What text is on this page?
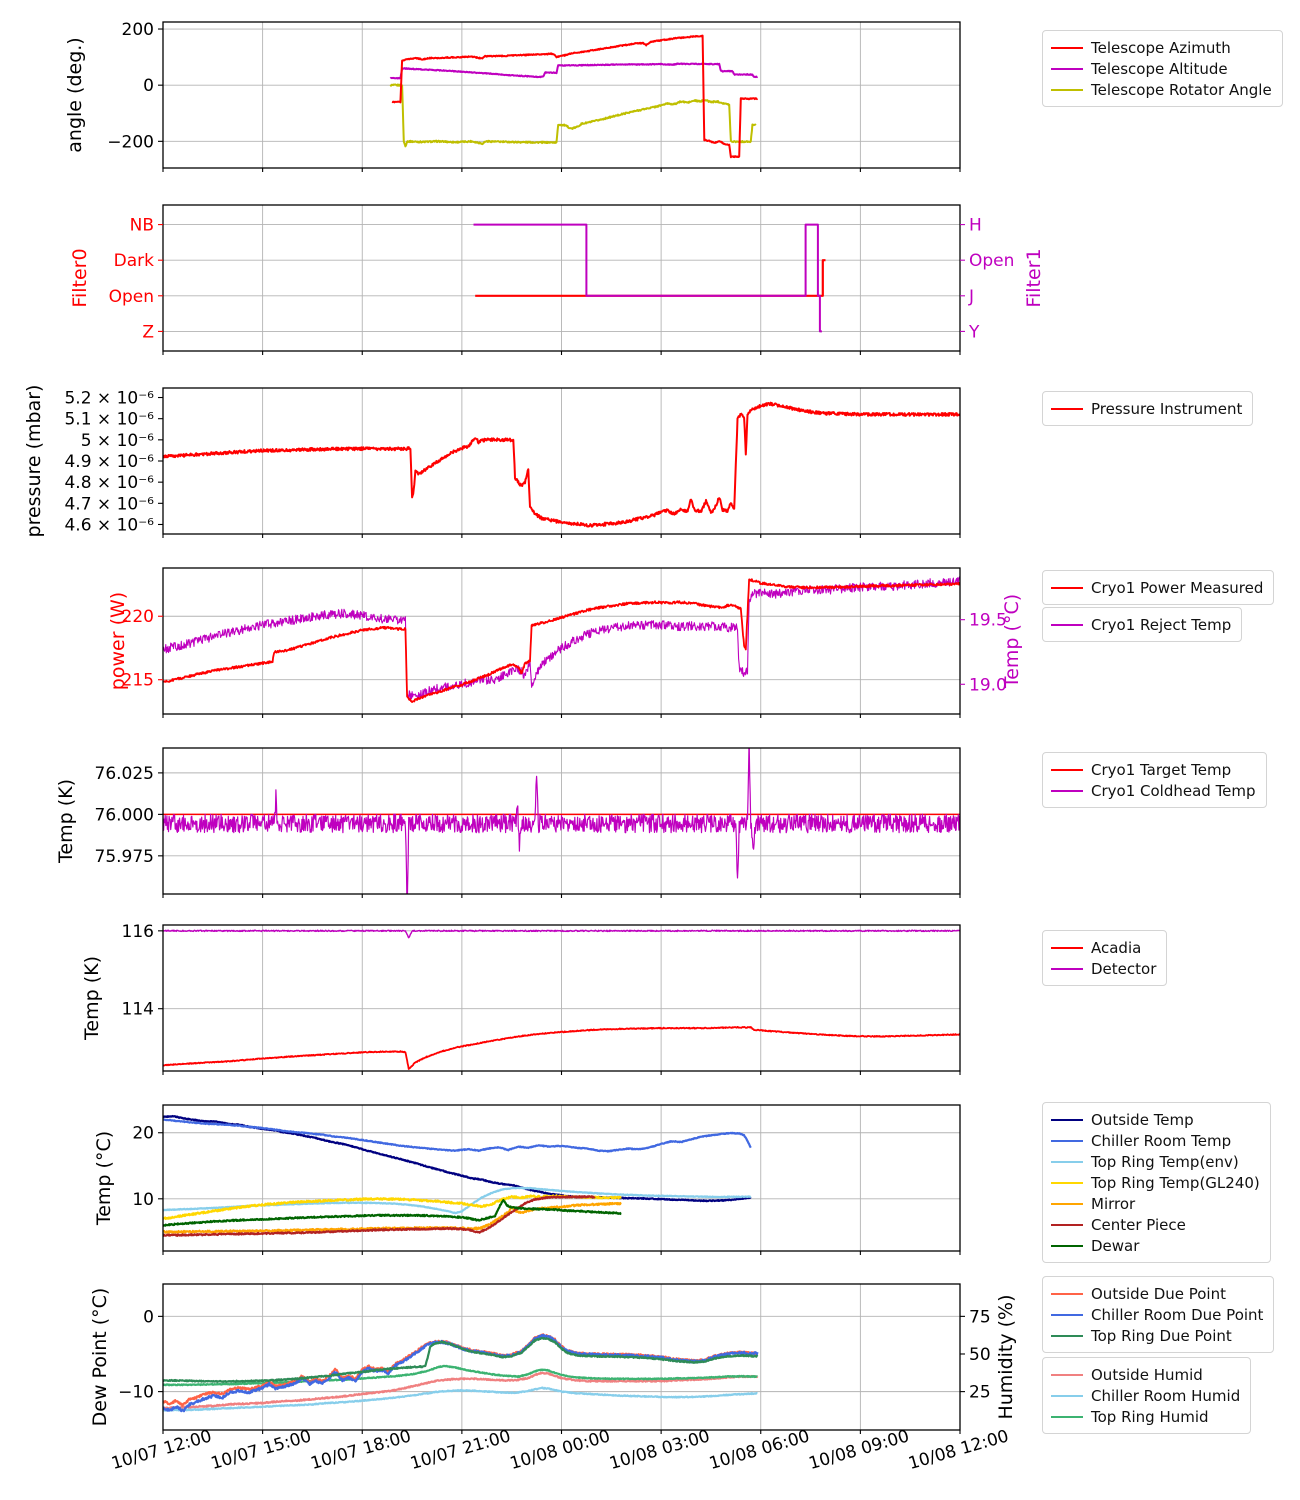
200
0
−200
NB
Dark
Open
Z
H
Open
J
Y
5.2 × 10⁻⁶
5.1 × 10⁻⁶
5 × 10⁻⁶
4.9 × 10⁻⁶
4.8 × 10⁻⁶
4.7 × 10⁻⁶
4.6 × 10⁻⁶
220
215
19.5
19.0
76.025
76.000
75.975
116
114
20
10
0
−10
75
50
25
10/07 12:00
10/07 15:00
10/07 18:00
10/07 21:00
10/08 00:00
10/08 03:00
10/08 06:00
10/08 09:00
10/08 12:00
angle (deg.)
Filter0	Filter1
pressure (mbar)
power (W)	Temp (°C)
Temp (K)
Temp (K)
Temp (°C)
Dew Point (°C)	Humidity (%)
Telescope Azimuth
Telescope Altitude
Telescope Rotator Angle
Pressure Instrument
Cryo1 Power Measured
Cryo1 Reject Temp
Cryo1 Target Temp
Cryo1 Coldhead Temp
Acadia
Detector
Outside Temp
Chiller Room Temp
Top Ring Temp(env)
Top Ring Temp(GL240)
Mirror
Center Piece
Dewar
Outside Due Point
Chiller Room Due Point
Top Ring Due Point
Outside Humid
Chiller Room Humid
Top Ring Humid
